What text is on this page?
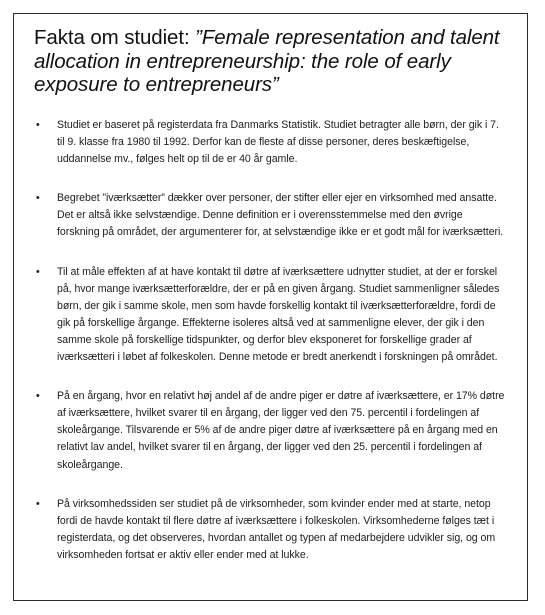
Fakta om studiet: ”Female representation and talent allocation in entrepreneurship: the role of early exposure to entrepreneurs”
• Studiet er baseret på registerdata fra Danmarks Statistik. Studiet betragter alle børn, der gik i 7. til 9. klasse fra 1980 til 1992. Derfor kan de fleste af disse personer, deres beskæftigelse, uddannelse mv., følges helt op til de er 40 år gamle.
• Begrebet ”iværksætter” dækker over personer, der stifter eller ejer en virksomhed med ansatte. Det er altså ikke selvstændige. Denne definition er i overensstemmelse med den øvrige forskning på området, der argumenterer for, at selvstændige ikke er et godt mål for iværksætteri.
• Til at måle effekten af at have kontakt til døtre af iværksættere udnytter studiet, at der er forskel på, hvor mange iværksætterforældre, der er på en given årgang. Studiet sammenligner således børn, der gik i samme skole, men som havde forskellig kontakt til iværksætterforældre, fordi de gik på forskellige årgange. Effekterne isoleres altså ved at sammenligne elever, der gik i den samme skole på forskellige tidspunkter, og derfor blev eksponeret for forskellige grader af iværksætteri i løbet af folkeskolen. Denne metode er bredt anerkendt i forskningen på området.
• På en årgang, hvor en relativt høj andel af de andre piger er døtre af iværksættere, er 17% døtre af iværksættere, hvilket svarer til en årgang, der ligger ved den 75. percentil i fordelingen af skoleårgange. Tilsvarende er 5% af de andre piger døtre af iværksættere på en årgang med en relativt lav andel, hvilket svarer til en årgang, der ligger ved den 25. percentil i fordelingen af skoleårgange.
• På virksomhedssiden ser studiet på de virksomheder, som kvinder ender med at starte, netop fordi de havde kontakt til flere døtre af iværksættere i folkeskolen. Virksomhederne følges tæt i registerdata, og det observeres, hvordan antallet og typen af medarbejdere udvikler sig, og om virksomheden fortsat er aktiv eller ender med at lukke.
